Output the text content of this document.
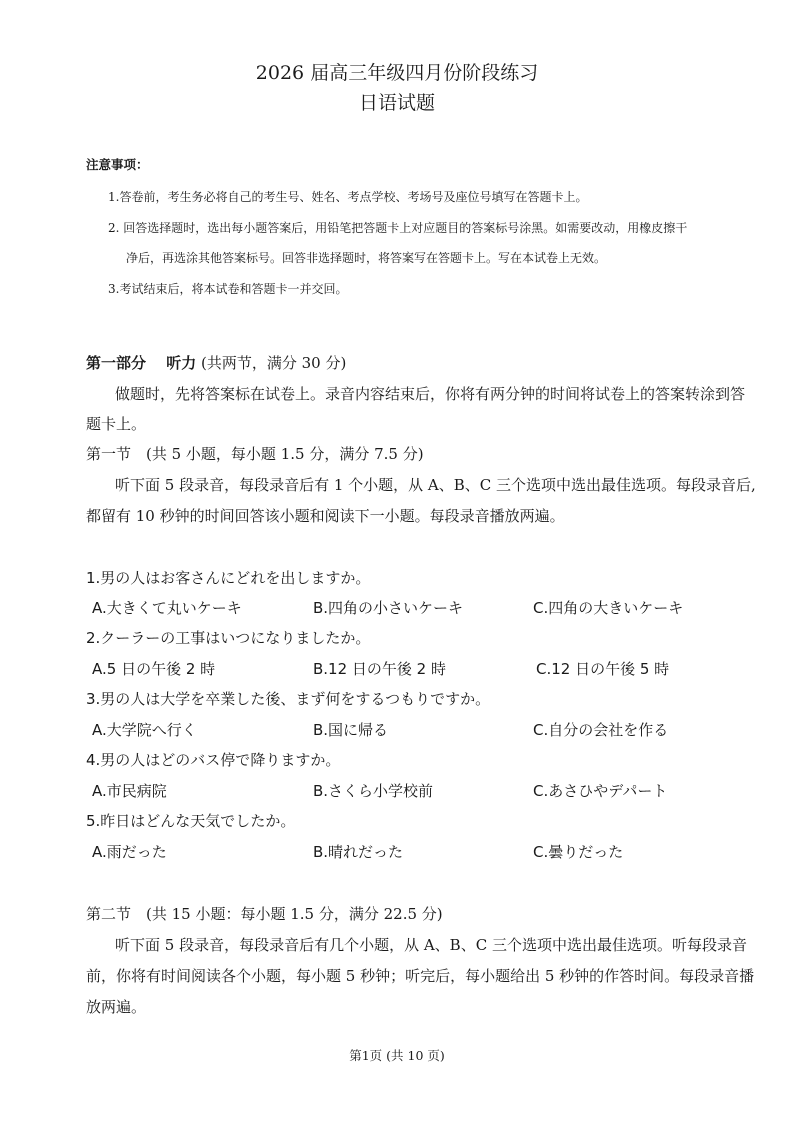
2026 届高三年级四月份阶段练习
日语试题
注意事项：
1.答卷前，考生务必将自己的考生号、姓名、考点学校、考场号及座位号填写在答题卡上。
2. 回答选择题时，选出每小题答案后，用铅笔把答题卡上对应题目的答案标号涂黑。如需要改动，用橡皮擦干
净后，再选涂其他答案标号。回答非选择题时，将答案写在答题卡上。写在本试卷上无效。
3.考试结束后，将本试卷和答题卡一并交回。
第一部分　 听力 (共两节，满分 30 分)
做题时，先将答案标在试卷上。录音内容结束后，你将有两分钟的时间将试卷上的答案转涂到答
题卡上。
第一节　(共 5 小题，每小题 1.5 分，满分 7.5 分)
听下面 5 段录音，每段录音后有 1 个小题，从 A、B、C 三个选项中选出最佳选项。每段录音后,
都留有 10 秒钟的时间回答该小题和阅读下一小题。每段录音播放两遍。
1.男の人はお客さんにどれを出しますか。
A.大きくて丸いケーキ	B.四角の小さいケーキ	C.四角の大きいケーキ
2.クーラーの工事はいつになりましたか。
A.5 日の午後 2 時	B.12 日の午後 2 時	C.12 日の午後 5 時
3.男の人は大学を卒業した後、まず何をするつもりですか。
A.大学院へ行く	B.国に帰る	C.自分の会社を作る
4.男の人はどのバス停で降りますか。
A.市民病院	B.さくら小学校前	C.あさひやデパート
5.昨日はどんな天気でしたか。
A.雨だった	B.晴れだった	C.曇りだった
第二节　(共 15 小题：每小题 1.5 分，满分 22.5 分)
听下面 5 段录音，每段录音后有几个小题，从 A、B、C 三个选项中选出最佳选项。听每段录音
前，你将有时间阅读各个小题，每小题 5 秒钟；听完后，每小题给出 5 秒钟的作答时间。每段录音播
放两遍。
第1页 (共 10 页)
